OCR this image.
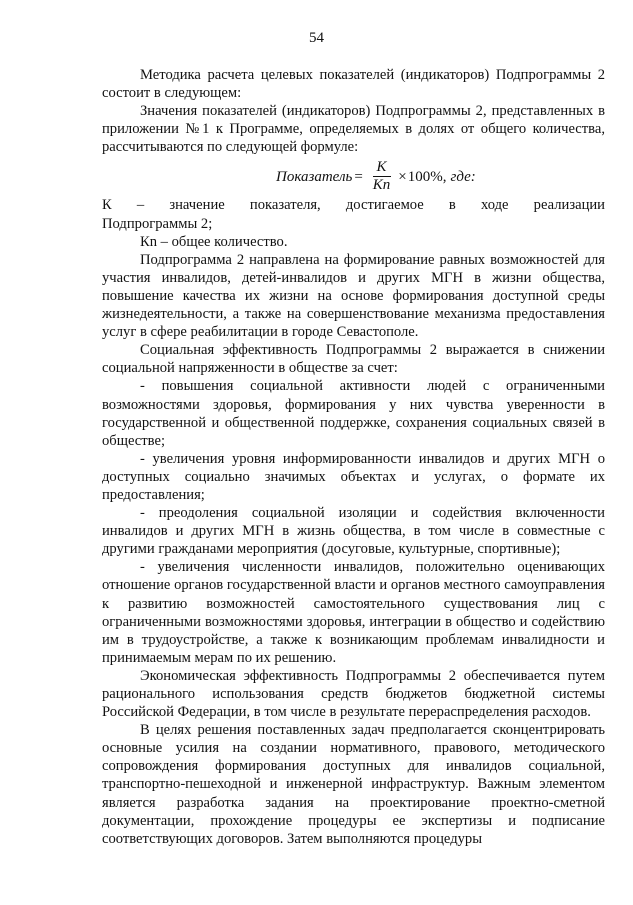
54

Методика расчета целевых показателей (индикаторов) Подпрограммы 2 состоит в следующем:

Значения показателей (индикаторов) Подпрограммы 2, представленных в приложении №1 к Программе, определяемых в долях от общего количества, рассчитываются по следующей формуле:

Показатель = $\frac{К}{Кn} \times 100\%$, где:
К – значение показателя, достигаемое в ходе реализации

Подпрограммы 2;

Кn – общее количество.

Подпрограмма 2 направлена на формирование равных возможностей для участия инвалидов, детей-инвалидов и других МГН в жизни общества, повышение качества их жизни на основе формирования доступной среды жизнедеятельности, а также на совершенствование механизма предоставления услуг в сфере реабилитации в городе Севастополе.

Социальная эффективность Подпрограммы 2 выражается в снижении социальной напряженности в обществе за счет:

- повышения социальной активности людей с ограниченными возможностями здоровья, формирования у них чувства уверенности в государственной и общественной поддержке, сохранения социальных связей в обществе;

- увеличения уровня информированности инвалидов и других МГН о доступных социально значимых объектах и услугах, о формате их предоставления;

- преодоления социальной изоляции и содействия включенности инвалидов и других МГН в жизнь общества, в том числе в совместные с другими гражданами мероприятия (досуговые, культурные, спортивные);

- увеличения численности инвалидов, положительно оценивающих отношение органов государственной власти и органов местного самоуправления к развитию возможностей самостоятельного существования лиц с ограниченными возможностями здоровья, интеграции в общество и содействию им в трудоустройстве, а также к возникающим проблемам инвалидности и принимаемым мерам по их решению.

Экономическая эффективность Подпрограммы 2 обеспечивается путем рационального использования средств бюджетов бюджетной системы Российской Федерации, в том числе в результате перераспределения расходов.

В целях решения поставленных задач предполагается сконцентрировать основные усилия на создании нормативного, правового, методического сопровождения формирования доступных для инвалидов социальной, транспортно-пешеходной и инженерной инфраструктур. Важным элементом является разработка задания на проектирование проектно-сметной документации, прохождение процедуры ее экспертизы и подписание соответствующих договоров. Затем выполняются процедуры
